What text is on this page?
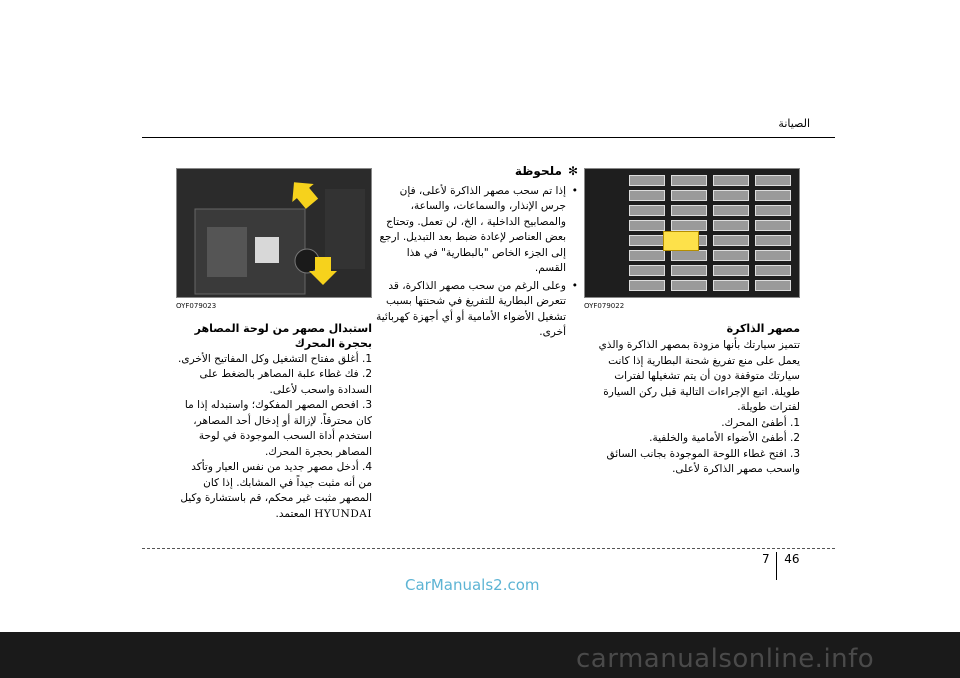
الصيانة
OYF079022
مصهر الذاكرة
تتميز سيارتك بأنها مزودة بمصهر الذاكرة والذي يعمل على منع تفريغ شحنة البطارية إذا كانت سيارتك متوقفة دون أن يتم تشغيلها لفترات طويلة. اتبع الإجراءات التالية قبل ركن السيارة لفترات طويلة.
1. أطفئ المحرك.
2. أطفئ الأضواء الأمامية والخلفية.
3. افتح غطاء اللوحة الموجودة بجانب السائق واسحب مصهر الذاكرة لأعلى.
✻ملحوظة
• إذا تم سحب مصهر الذاكرة لأعلى، فإن جرس الإنذار، والسماعات، والساعة، والمصابيح الداخلية ، الخ، لن تعمل. وتحتاج بعض العناصر لإعادة ضبط بعد التبديل. ارجع إلى الجزء الخاص "بالبطارية" في هذا القسم.
• وعلى الرغم من سحب مصهر الذاكرة، قد تتعرض البطارية للتفريغ في شحنتها بسبب تشغيل الأضواء الأمامية أو أي أجهزة كهربائية أخرى.
OYF079023
استبدال مصهر من لوحة المصاهر
بحجرة المحرك
1. أغلق مفتاح التشغيل وكل المفاتيح الأخرى.
2. فك غطاء علبة المصاهر بالضغط على السدادة واسحب لأعلى.
3. افحص المصهر المفكوك؛ واستبدله إذا ما كان محترقاً. لإزالة أو إدخال أحد المصاهر، استخدم أداة السحب الموجودة في لوحة المصاهر بحجرة المحرك.
4. أدخل مصهر جديد من نفس العيار وتأكد من أنه مثبت جيداً في المشابك. إذا كان المصهر مثبت غير محكم، قم باستشارة وكيل
HYUNDAI المعتمد.
7 46
CarManuals2.com
carmanualsonline.info
